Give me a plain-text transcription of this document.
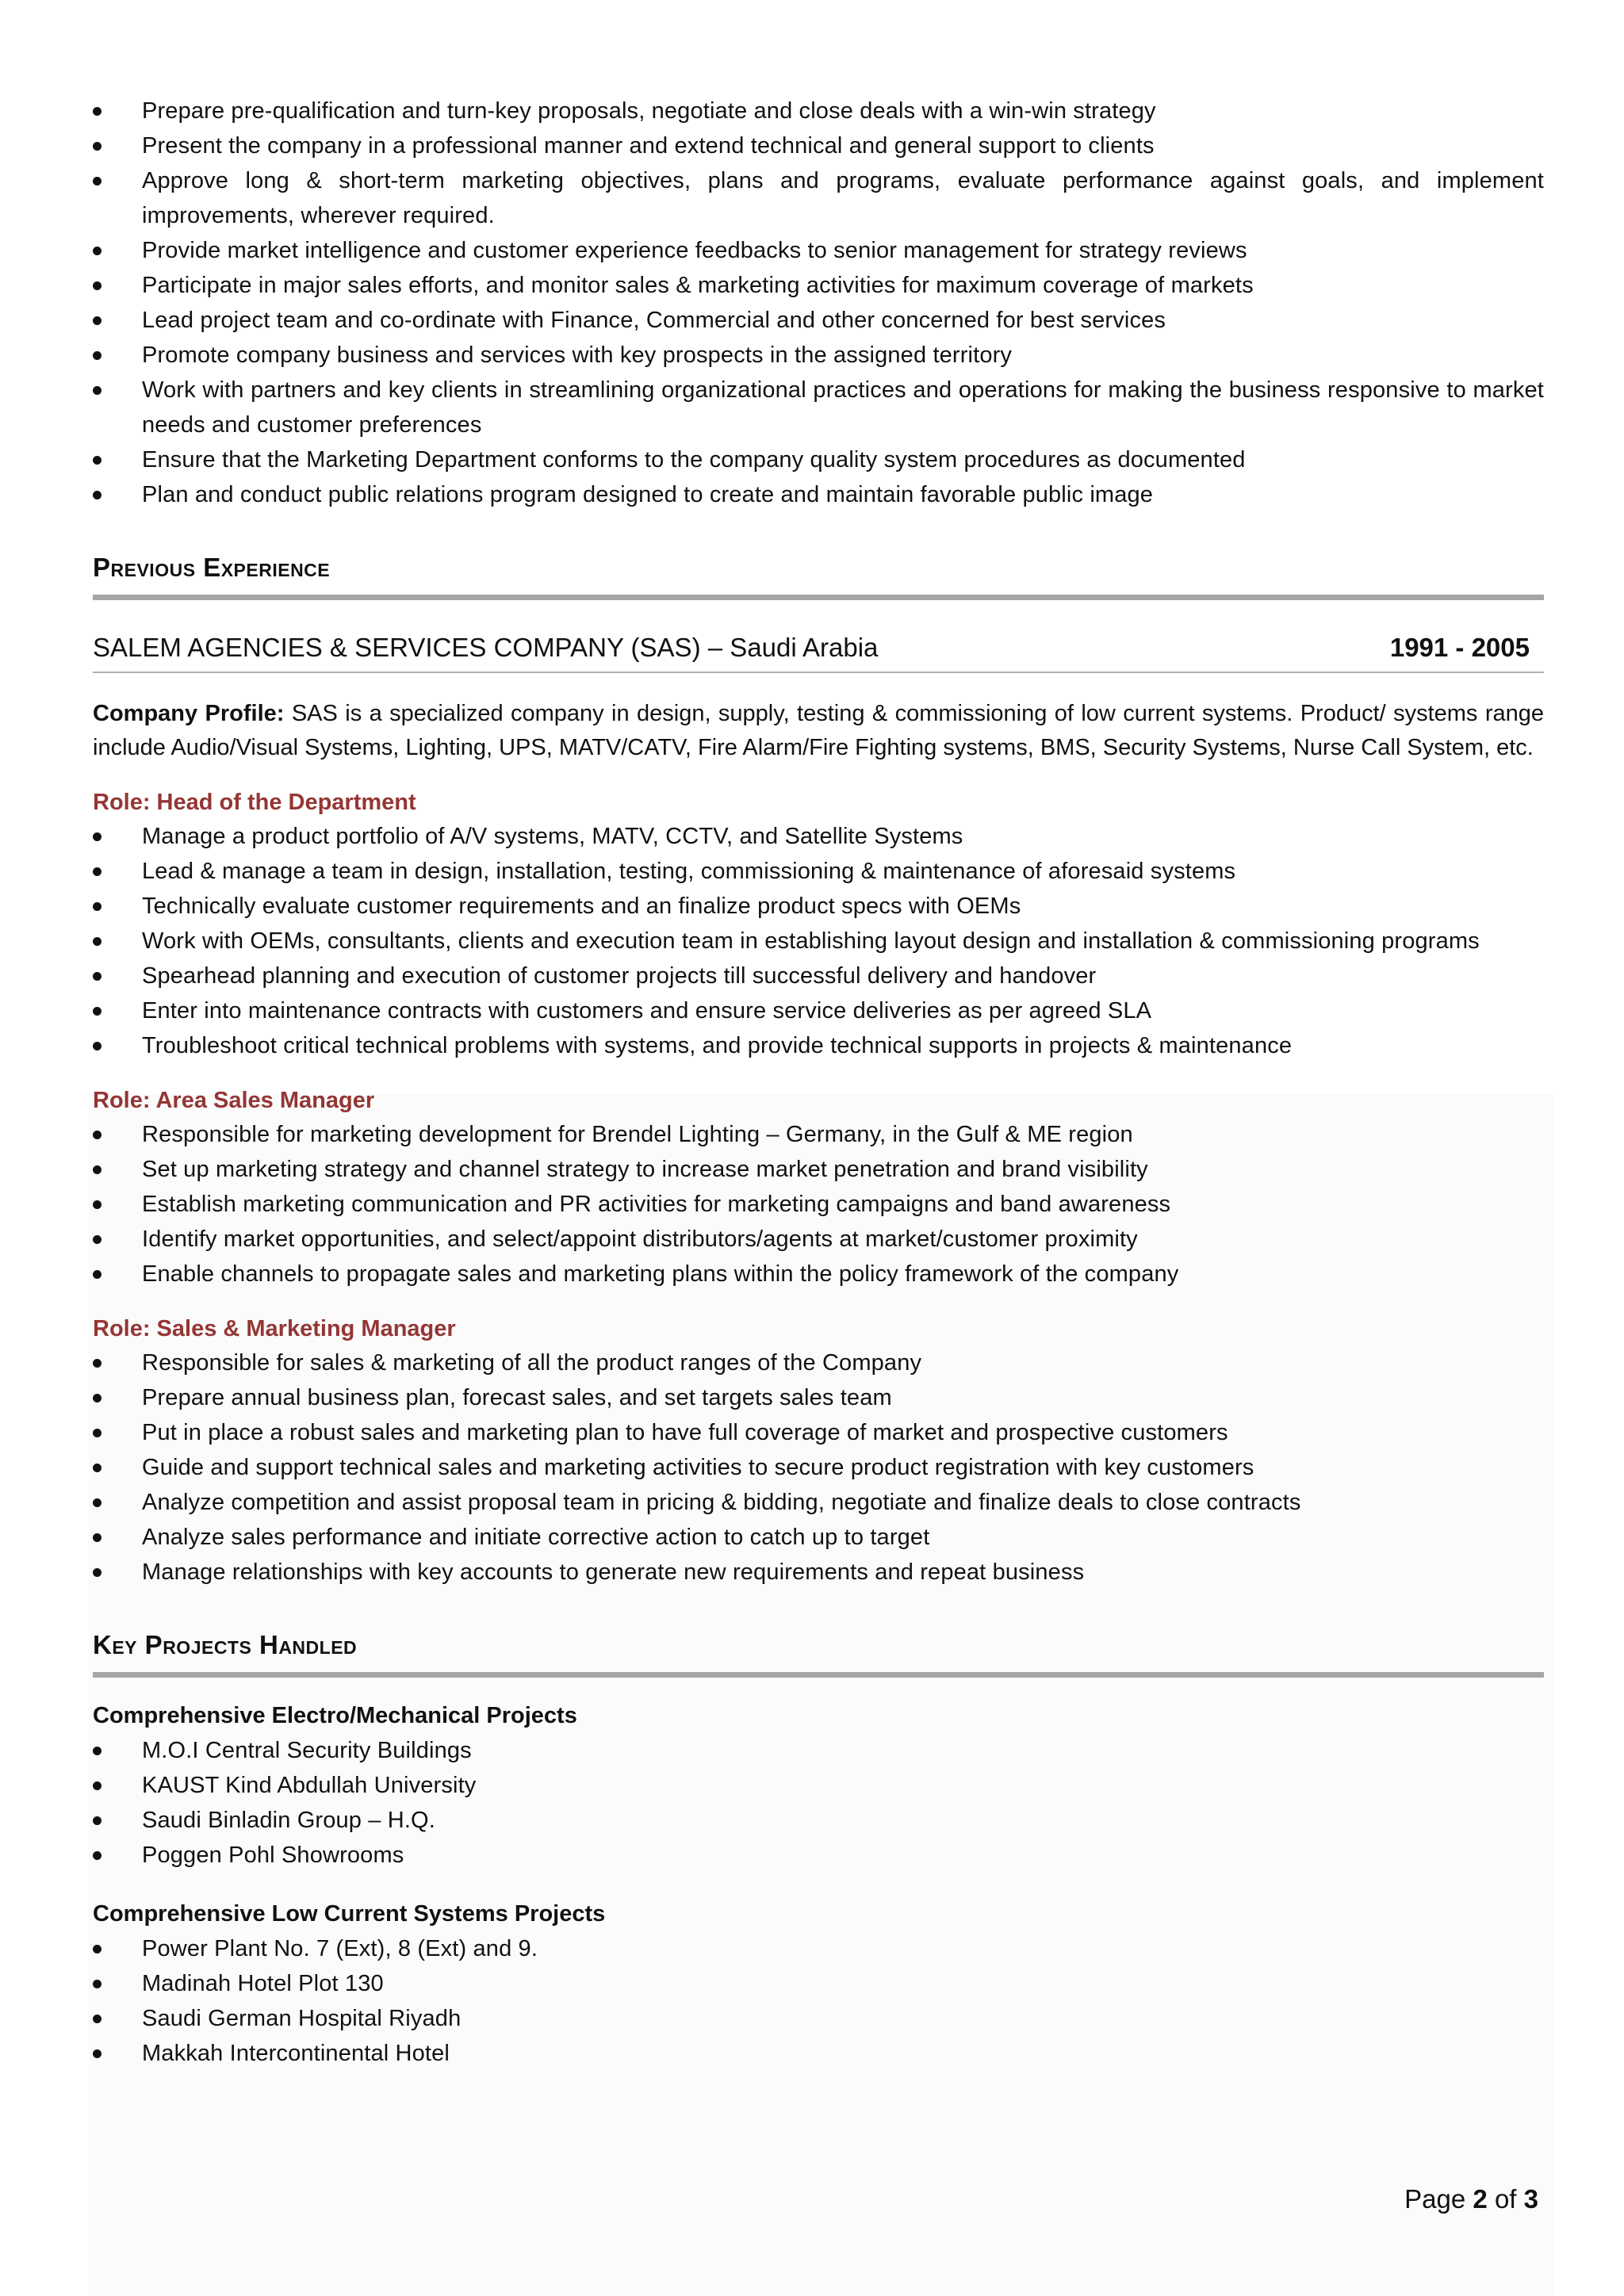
Prepare pre-qualification and turn-key proposals, negotiate and close deals with a win-win strategy
Present the company in a professional manner and extend technical and general support to clients
Approve long & short-term marketing objectives, plans and programs, evaluate performance against goals, and implement improvements, wherever required.
Provide market intelligence and customer experience feedbacks to senior management for strategy reviews
Participate in major sales efforts, and monitor sales & marketing activities for maximum coverage of markets
Lead project team and co-ordinate with Finance, Commercial and other concerned for best services
Promote company business and services with key prospects in the assigned territory
Work with partners and key clients in streamlining organizational practices and operations for making the business responsive to market needs and customer preferences
Ensure that the Marketing Department conforms to the company quality system procedures as documented
Plan and conduct public relations program designed to create and maintain favorable public image
Previous Experience
SALEM AGENCIES & SERVICES COMPANY (SAS) – Saudi Arabia	1991 - 2005
Company Profile: SAS is a specialized company in design, supply, testing & commissioning of low current systems. Product/ systems range include Audio/Visual Systems, Lighting, UPS, MATV/CATV, Fire Alarm/Fire Fighting systems, BMS, Security Systems, Nurse Call System, etc.
Role: Head of the Department
Manage a product portfolio of A/V systems, MATV, CCTV, and Satellite Systems
Lead & manage a team in design, installation, testing, commissioning & maintenance of aforesaid systems
Technically evaluate customer requirements and an finalize product specs with OEMs
Work with OEMs, consultants, clients and execution team in establishing layout design and installation & commissioning programs
Spearhead planning and execution of customer projects till successful delivery and handover
Enter into maintenance contracts with customers and ensure service deliveries as per agreed SLA
Troubleshoot critical technical problems with systems, and provide technical supports in projects & maintenance
Role: Area Sales Manager
Responsible for marketing development for Brendel Lighting – Germany, in the Gulf & ME region
Set up marketing strategy and channel strategy to increase market penetration and brand visibility
Establish marketing communication and PR activities for marketing campaigns and band awareness
Identify market opportunities, and select/appoint distributors/agents at market/customer proximity
Enable channels to propagate sales and marketing plans within the policy framework of the company
Role: Sales & Marketing Manager
Responsible for sales & marketing of all the product ranges of the Company
Prepare annual business plan, forecast sales, and set targets sales team
Put in place a robust sales and marketing plan to have full coverage of market and prospective customers
Guide and support technical sales and marketing activities to secure product registration with key customers
Analyze competition and assist proposal team in pricing & bidding, negotiate and finalize deals to close contracts
Analyze sales performance and initiate corrective action to catch up to target
Manage relationships with key accounts to generate new requirements and repeat business
Key Projects Handled
Comprehensive Electro/Mechanical Projects
M.O.I Central Security Buildings
KAUST Kind Abdullah University
Saudi Binladin Group – H.Q.
Poggen Pohl Showrooms
Comprehensive Low Current Systems Projects
Power Plant No. 7 (Ext), 8 (Ext) and 9.
Madinah Hotel Plot 130
Saudi German Hospital Riyadh
Makkah Intercontinental Hotel
Page 2 of 3
